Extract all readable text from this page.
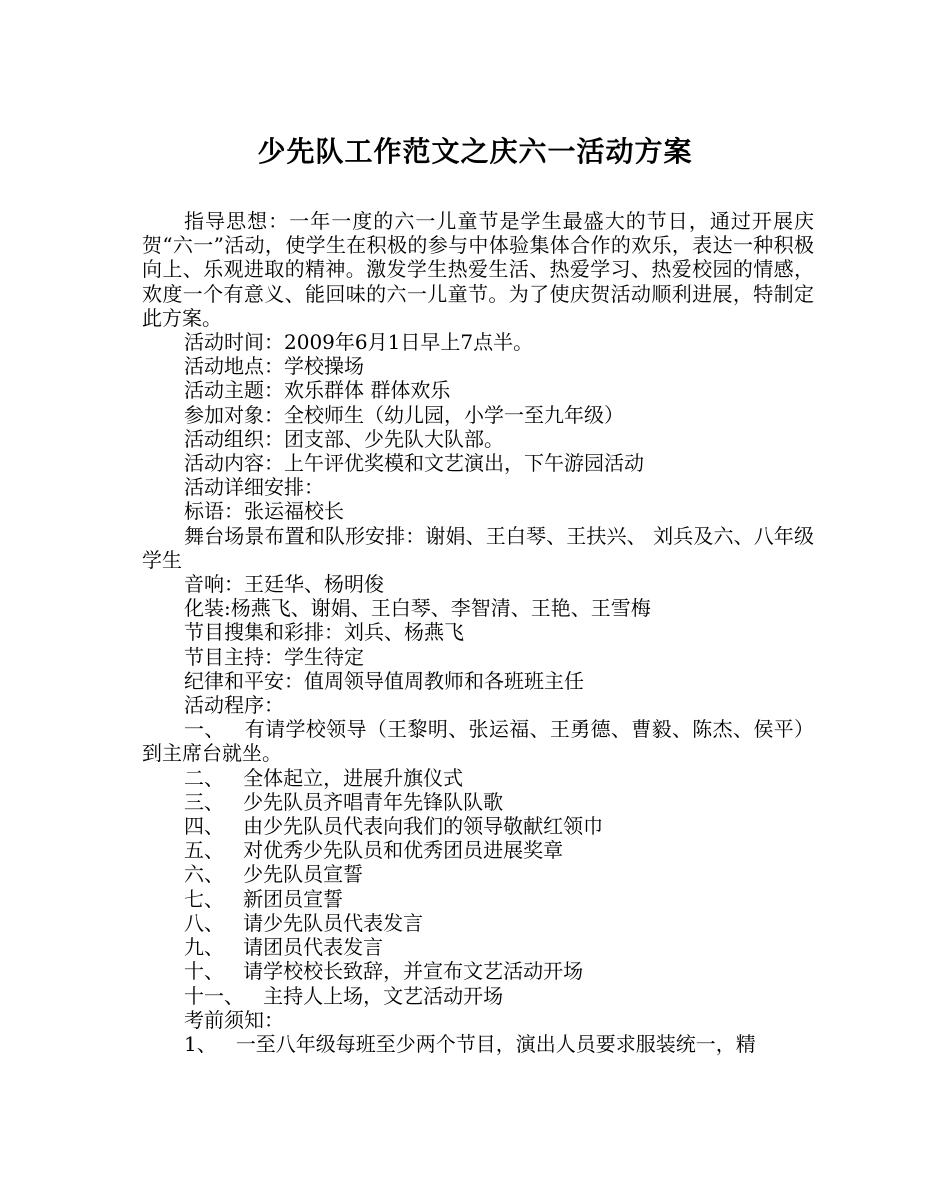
少先队工作范文之庆六一活动方案

指导思想：一年一度的六一儿童节是学生最盛大的节日，通过开展庆贺“六一”活动，使学生在积极的参与中体验集体合作的欢乐，表达一种积极向上、乐观进取的精神。激发学生热爱生活、热爱学习、热爱校园的情感，欢度一个有意义、能回味的六一儿童节。为了使庆贺活动顺利进展，特制定此方案。

活动时间：2009年6月1日早上7点半。

活动地点：学校操场

活动主题：欢乐群体 群体欢乐

参加对象：全校师生（幼儿园，小学一至九年级）

活动组织：团支部、少先队大队部。

活动内容：上午评优奖模和文艺演出，下午游园活动

活动详细安排：

标语：张运福校长

舞台场景布置和队形安排：谢娟、王白琴、王扶兴、 刘兵及六、八年级学生

音响：王廷华、杨明俊

化装:杨燕飞、谢娟、王白琴、李智清、王艳、王雪梅

节目搜集和彩排：刘兵、杨燕飞

节目主持：学生待定

纪律和平安：值周领导值周教师和各班班主任

活动程序：

一、 有请学校领导（王黎明、张运福、王勇德、曹毅、陈杰、侯平）到主席台就坐。

二、 全体起立，进展升旗仪式

三、 少先队员齐唱青年先锋队队歌

四、 由少先队员代表向我们的领导敬献红领巾

五、 对优秀少先队员和优秀团员进展奖章

六、 少先队员宣誓

七、 新团员宣誓

八、 请少先队员代表发言

九、 请团员代表发言

十、 请学校校长致辞，并宣布文艺活动开场

十一、 主持人上场，文艺活动开场

考前须知：

1、 一至八年级每班至少两个节目，演出人员要求服装统一，精
